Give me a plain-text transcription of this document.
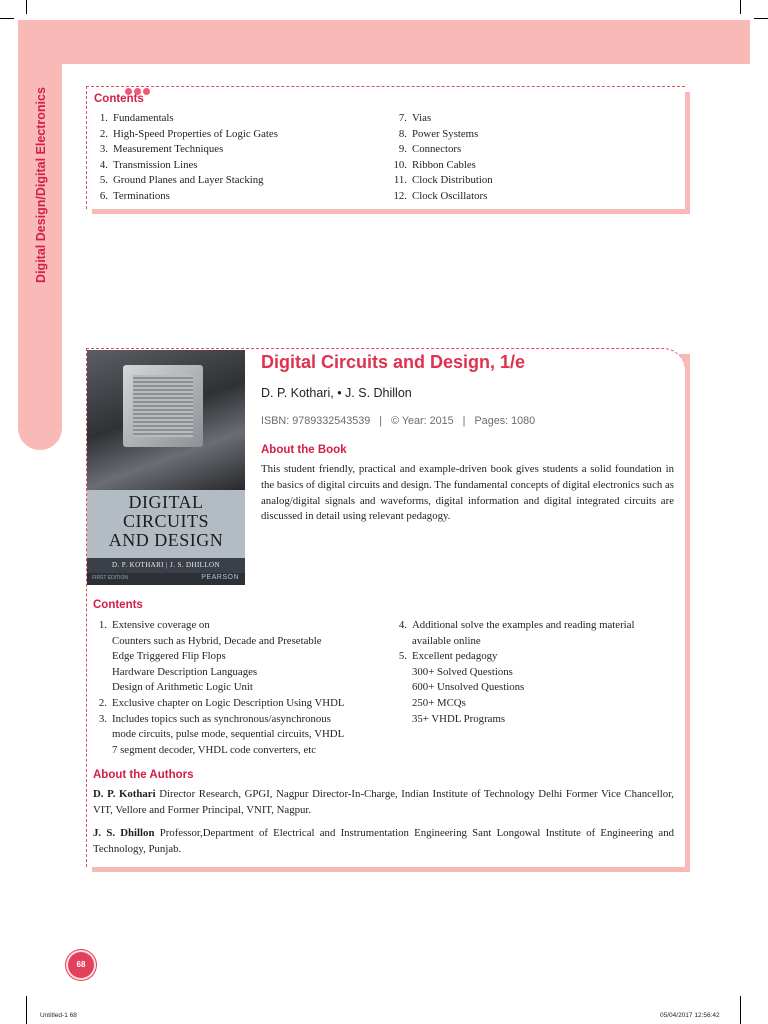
Digital Design/Digital Electronics	Contents
1. Fundamentals
2. High-Speed Properties of Logic Gates
3. Measurement Techniques
4. Transmission Lines
5. Ground Planes and Layer Stacking
6. Terminations
7. Vias
8. Power Systems
9. Connectors
10. Ribbon Cables
11. Clock Distribution
12. Clock Oscillators
DIGITAL
CIRCUITS
AND DESIGN
D. P. KOTHARI | J. S. DHILLON
FIRST EDITION	PEARSON
Digital Circuits and Design, 1/e
D. P. Kothari, • J. S. Dhillon
ISBN: 9789332543539 | © Year: 2015 | Pages: 1080
About the Book

This student friendly, practical and example-driven book gives students a solid foundation in the basics of digital circuits and design. The fundamental concepts of digital electronics such as analog/digital signals and waveforms, digital information and digital integrated circuits are discussed in detail using relevant pedagogy.

Contents
1. Extensive coverage on
Counters such as Hybrid, Decade and Presetable
Edge Triggered Flip Flops
Hardware Description Languages
Design of Arithmetic Logic Unit
2. Exclusive chapter on Logic Description Using VHDL
3. Includes topics such as synchronous/asynchronous
mode circuits, pulse mode, sequential circuits, VHDL
7 segment decoder, VHDL code converters, etc
4. Additional solve the examples and reading material
available online
5. Excellent pedagogy
300+ Solved Questions
600+ Unsolved Questions
250+ MCQs
35+ VHDL Programs
About the Authors

D. P. Kothari Director Research, GPGI, Nagpur Director-In-Charge, Indian Institute of Technology Delhi Former Vice Chancellor, VIT, Vellore and Former Principal, VNIT, Nagpur.

J. S. Dhillon Professor,Department of Electrical and Instrumentation Engineering Sant Longowal Institute of Engineering and Technology, Punjab.

68
Untitled-1 68	05/04/2017 12:56:42
